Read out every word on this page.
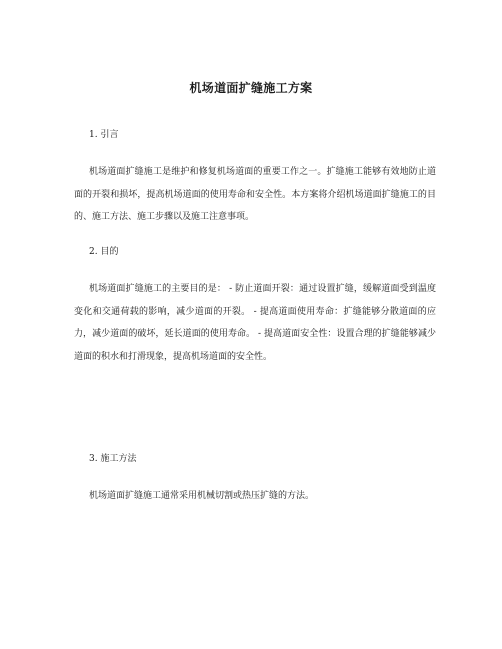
机场道面扩缝施工方案
1. 引言

机场道面扩缝施工是维护和修复机场道面的重要工作之一。扩缝施工能够有效地防止道面的开裂和损坏，提高机场道面的使用寿命和安全性。本方案将介绍机场道面扩缝施工的目的、施工方法、施工步骤以及施工注意事项。

2. 目的

机场道面扩缝施工的主要目的是： - 防止道面开裂：通过设置扩缝，缓解道面受到温度变化和交通荷载的影响，减少道面的开裂。 - 提高道面使用寿命：扩缝能够分散道面的应力，减少道面的破坏，延长道面的使用寿命。 - 提高道面安全性：设置合理的扩缝能够减少道面的积水和打滑现象，提高机场道面的安全性。

3. 施工方法

机场道面扩缝施工通常采用机械切割或热压扩缝的方法。
